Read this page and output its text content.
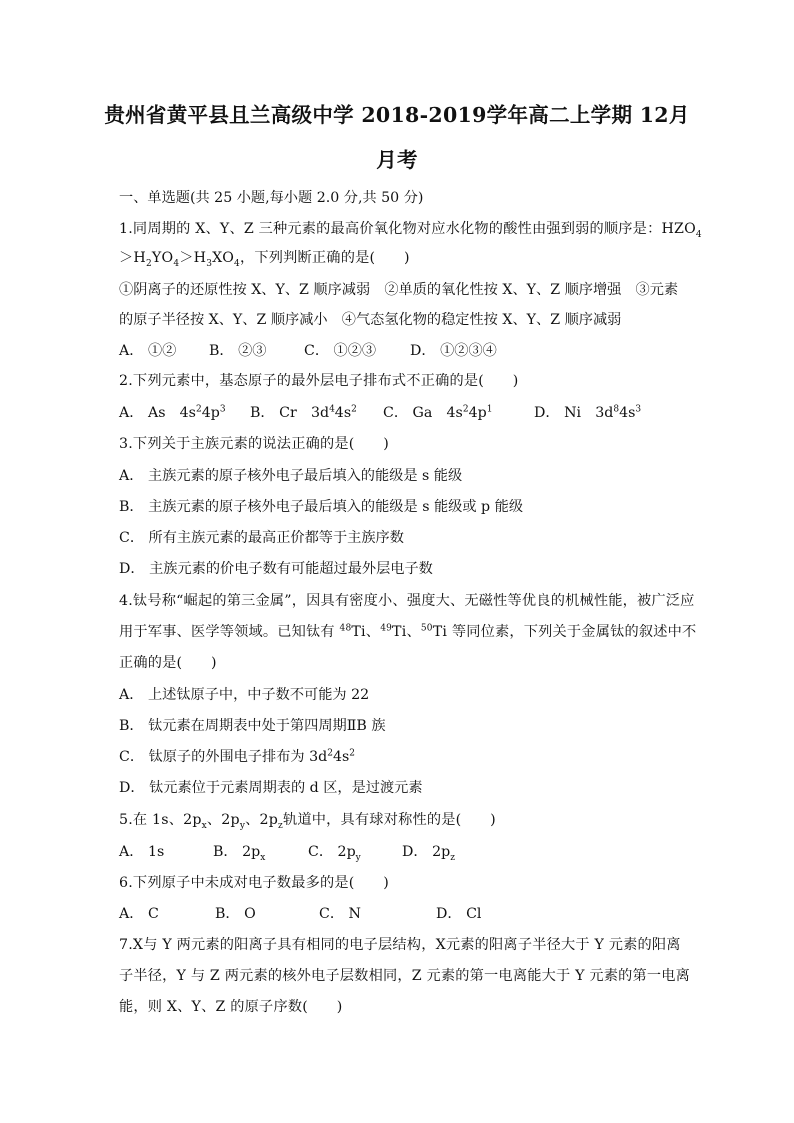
贵州省黄平县且兰高级中学 2018-2019学年高二上学期 12月
月考
一、单选题(共 25 小题,每小题 2.0 分,共 50 分)
1.同周期的 X、Y、Z 三种元素的最高价氧化物对应水化物的酸性由强到弱的顺序是：$HZO_4$
$>H_2YO_4>H_3XO_4$，下列判断正确的是(　　)
①阴离子的还原性按 X、Y、Z 顺序减弱　②单质的氧化性按 X、Y、Z 顺序增强　③元素
的原子半径按 X、Y、Z 顺序减小　④气态氢化物的稳定性按 X、Y、Z 顺序减弱
A． ①② B． ②③	C． ①②③ D． ①②③④
2.下列元素中，基态原子的最外层电子排布式不正确的是(　　)
A． As　$4s^24p^3$ B． Cr　$3d^44s^2$ C． Ga　$4s^24p^1$	D． Ni　$3d^84s^3$
3.下列关于主族元素的说法正确的是(　　)
A． 主族元素的原子核外电子最后填入的能级是 s 能级
B． 主族元素的原子核外电子最后填入的能级是 s 能级或 p 能级
C． 所有主族元素的最高正价都等于主族序数
D． 主族元素的价电子数有可能超过最外层电子数
4.钛号称“崛起的第三金属”，因具有密度小、强度大、无磁性等优良的机械性能，被广泛应
用于军事、医学等领域。已知钛有 $^{48}$Ti、$^{49}$Ti、$^{50}$Ti 等同位素，下列关于金属钛的叙述中不
正确的是(　　)
A． 上述钛原子中，中子数不可能为 22
B． 钛元素在周期表中处于第四周期ⅡB 族
C． 钛原子的外围电子排布为 $3d^24s^2$
D． 钛元素位于元素周期表的 d 区，是过渡元素
5.在 1s、$2p_x$、$2p_y$、$2p_z$轨道中，具有球对称性的是(　　)
A． 1s	B． $2p_x$	C． $2p_y$	D． $2p_z$
6.下列原子中未成对电子数最多的是(　　)
A． C	B． O	C． N	D． Cl
7.X与 Y 两元素的阳离子具有相同的电子层结构，X元素的阳离子半径大于 Y 元素的阳离
子半径，Y 与 Z 两元素的核外电子层数相同，Z 元素的第一电离能大于 Y 元素的第一电离
能，则 X、Y、Z 的原子序数(　　)
